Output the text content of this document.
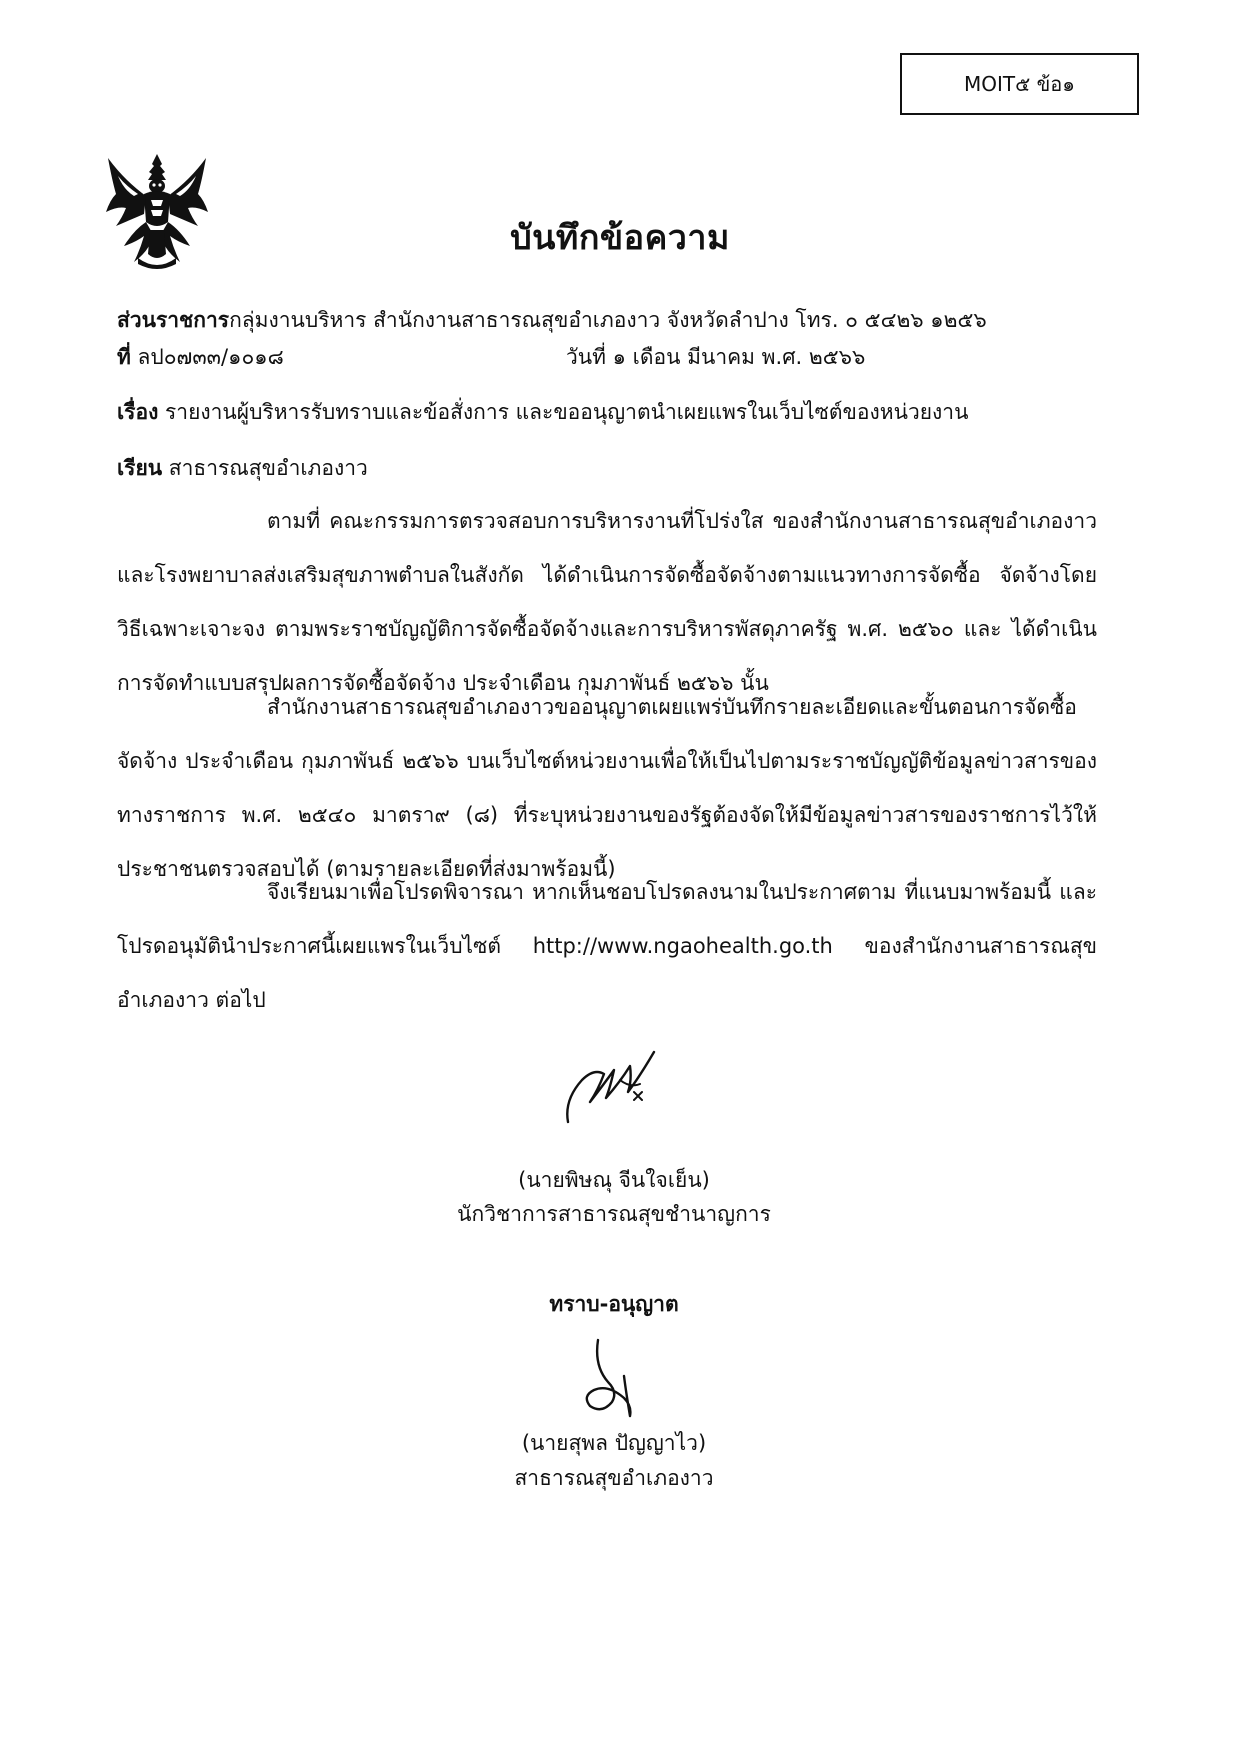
MOIT๕ ข้อ๑
บันทึกข้อความ
ส่วนราชการกลุ่มงานบริหาร สำนักงานสาธารณสุขอำเภองาว จังหวัดลำปาง โทร. ๐ ๕๔๒๖ ๑๒๕๖
ที่ ลป๐๗๓๓/๑๐๑๘	วันที่ ๑ เดือน มีนาคม พ.ศ. ๒๕๖๖
เรื่อง รายงานผู้บริหารรับทราบและข้อสั่งการ และขออนุญาตนำเผยแพรในเว็บไซต์ของหน่วยงาน
เรียน สาธารณสุขอำเภองาว
ตามที่ คณะกรรมการตรวจสอบการบริหารงานที่โปร่งใส ของสำนักงานสาธารณสุขอำเภองาว และโรงพยาบาลส่งเสริมสุขภาพตำบลในสังกัด ได้ดำเนินการจัดซื้อจัดจ้างตามแนวทางการจัดซื้อ จัดจ้างโดยวิธีเฉพาะเจาะจง ตามพระราชบัญญัติการจัดซื้อจัดจ้างและการบริหารพัสดุภาครัฐ พ.ศ. ๒๕๖๐ และ ได้ดำเนินการจัดทำแบบสรุปผลการจัดซื้อจัดจ้าง ประจำเดือน กุมภาพันธ์ ๒๕๖๖ นั้น
สำนักงานสาธารณสุขอำเภองาวขออนุญาตเผยแพร่บันทึกรายละเอียดและขั้นตอนการจัดซื้อจัดจ้าง ประจำเดือน กุมภาพันธ์ ๒๕๖๖ บนเว็บไซต์หน่วยงานเพื่อให้เป็นไปตามระราชบัญญัติข้อมูลข่าวสารของทางราชการ พ.ศ. ๒๕๔๐ มาตรา๙ (๘) ที่ระบุหน่วยงานของรัฐต้องจัดให้มีข้อมูลข่าวสารของราชการไว้ให้ประชาชนตรวจสอบได้ (ตามรายละเอียดที่ส่งมาพร้อมนี้)
จึงเรียนมาเพื่อโปรดพิจารณา หากเห็นชอบโปรดลงนามในประกาศตาม ที่แนบมาพร้อมนี้ และโปรดอนุมัตินำประกาศนี้เผยแพรในเว็บไซต์ http://www.ngaohealth.go.th ของสำนักงานสาธารณสุขอำเภองาว ต่อไป
(นายพิษณุ จีนใจเย็น)
นักวิชาการสาธารณสุขชำนาญการ
ทราบ-อนุญาต
(นายสุพล ปัญญาไว)
สาธารณสุขอำเภองาว
